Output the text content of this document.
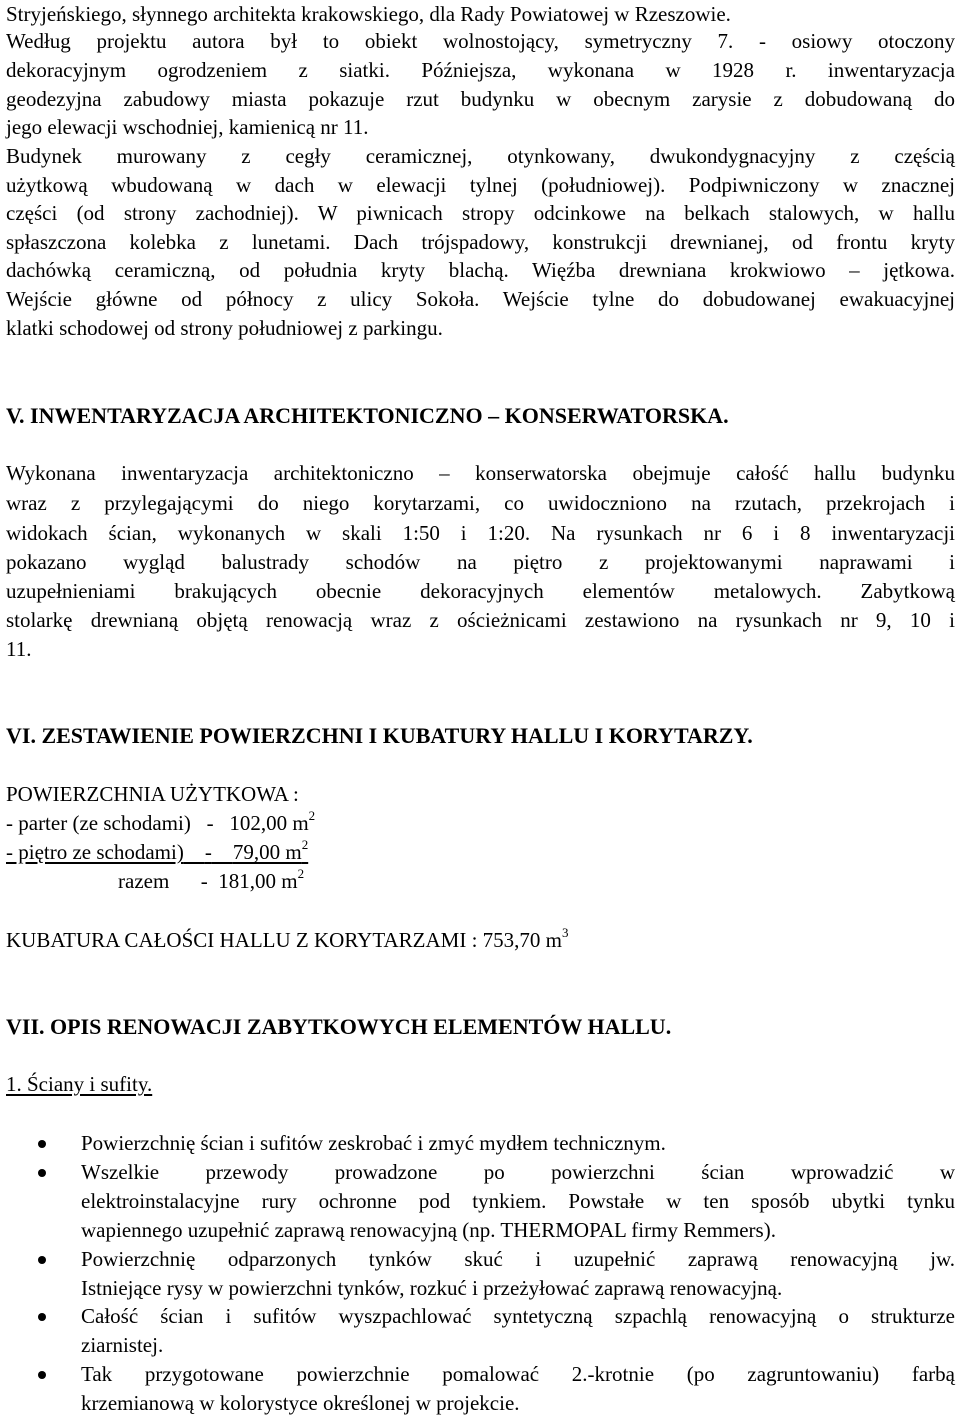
Stryjeńskiego, słynnego architekta krakowskiego, dla Rady Powiatowej w Rzeszowie.
Według projektu autora był to obiekt wolnostojący, symetryczny 7. - osiowy otoczony
dekoracyjnym ogrodzeniem z siatki. Późniejsza, wykonana w 1928 r. inwentaryzacja
geodezyjna zabudowy miasta pokazuje rzut budynku w obecnym zarysie z dobudowaną do
jego elewacji wschodniej, kamienicą nr 11.
Budynek murowany z cegły ceramicznej, otynkowany, dwukondygnacyjny z częścią
użytkową wbudowaną w dach w elewacji tylnej (południowej). Podpiwniczony w znacznej
części (od strony zachodniej). W piwnicach stropy odcinkowe na belkach stalowych, w hallu
spłaszczona kolebka z lunetami. Dach trójspadowy, konstrukcji drewnianej, od frontu kryty
dachówką ceramiczną, od południa kryty blachą. Więźba drewniana krokwiowo – jętkowa.
Wejście główne od północy z ulicy Sokoła. Wejście tylne do dobudowanej ewakuacyjnej
klatki schodowej od strony południowej z parkingu.
V. INWENTARYZACJA ARCHITEKTONICZNO – KONSERWATORSKA.
Wykonana inwentaryzacja architektoniczno – konserwatorska obejmuje całość hallu budynku
wraz z przylegającymi do niego korytarzami, co uwidoczniono na rzutach, przekrojach i
widokach ścian, wykonanych w skali 1:50 i 1:20. Na rysunkach nr 6 i 8 inwentaryzacji
pokazano wygląd balustrady schodów na piętro z projektowanymi naprawami i
uzupełnieniami brakujących obecnie dekoracyjnych elementów metalowych. Zabytkową
stolarkę drewnianą objętą renowacją wraz z ościeżnicami zestawiono na rysunkach nr 9, 10 i
11.
VI. ZESTAWIENIE POWIERZCHNI I KUBATURY HALLU I KORYTARZY.
POWIERZCHNIA UŻYTKOWA :
- parter (ze schodami) - 102,00 $m^2$
- piętro ze schodami) - 79,00 $m^2$
razem - 181,00 $m^2$
KUBATURA CAŁOŚCI HALLU Z KORYTARZAMI : 753,70 $m^3$
VII. OPIS RENOWACJI ZABYTKOWYCH ELEMENTÓW HALLU.
1. Ściany i sufity.
Powierzchnię ścian i sufitów zeskrobać i zmyć mydłem technicznym.
Wszelkie przewody prowadzone po powierzchni ścian wprowadzić w
elektroinstalacyjne rury ochronne pod tynkiem. Powstałe w ten sposób ubytki tynku
wapiennego uzupełnić zaprawą renowacyjną (np. THERMOPAL firmy Remmers).
Powierzchnię odparzonych tynków skuć i uzupełnić zaprawą renowacyjną jw.
Istniejące rysy w powierzchni tynków, rozkuć i przeżyłować zaprawą renowacyjną.
Całość ścian i sufitów wyszpachlować syntetyczną szpachlą renowacyjną o strukturze
ziarnistej.
Tak przygotowane powierzchnie pomalować 2.-krotnie (po zagruntowaniu) farbą
krzemianową w kolorystyce określonej w projekcie.
